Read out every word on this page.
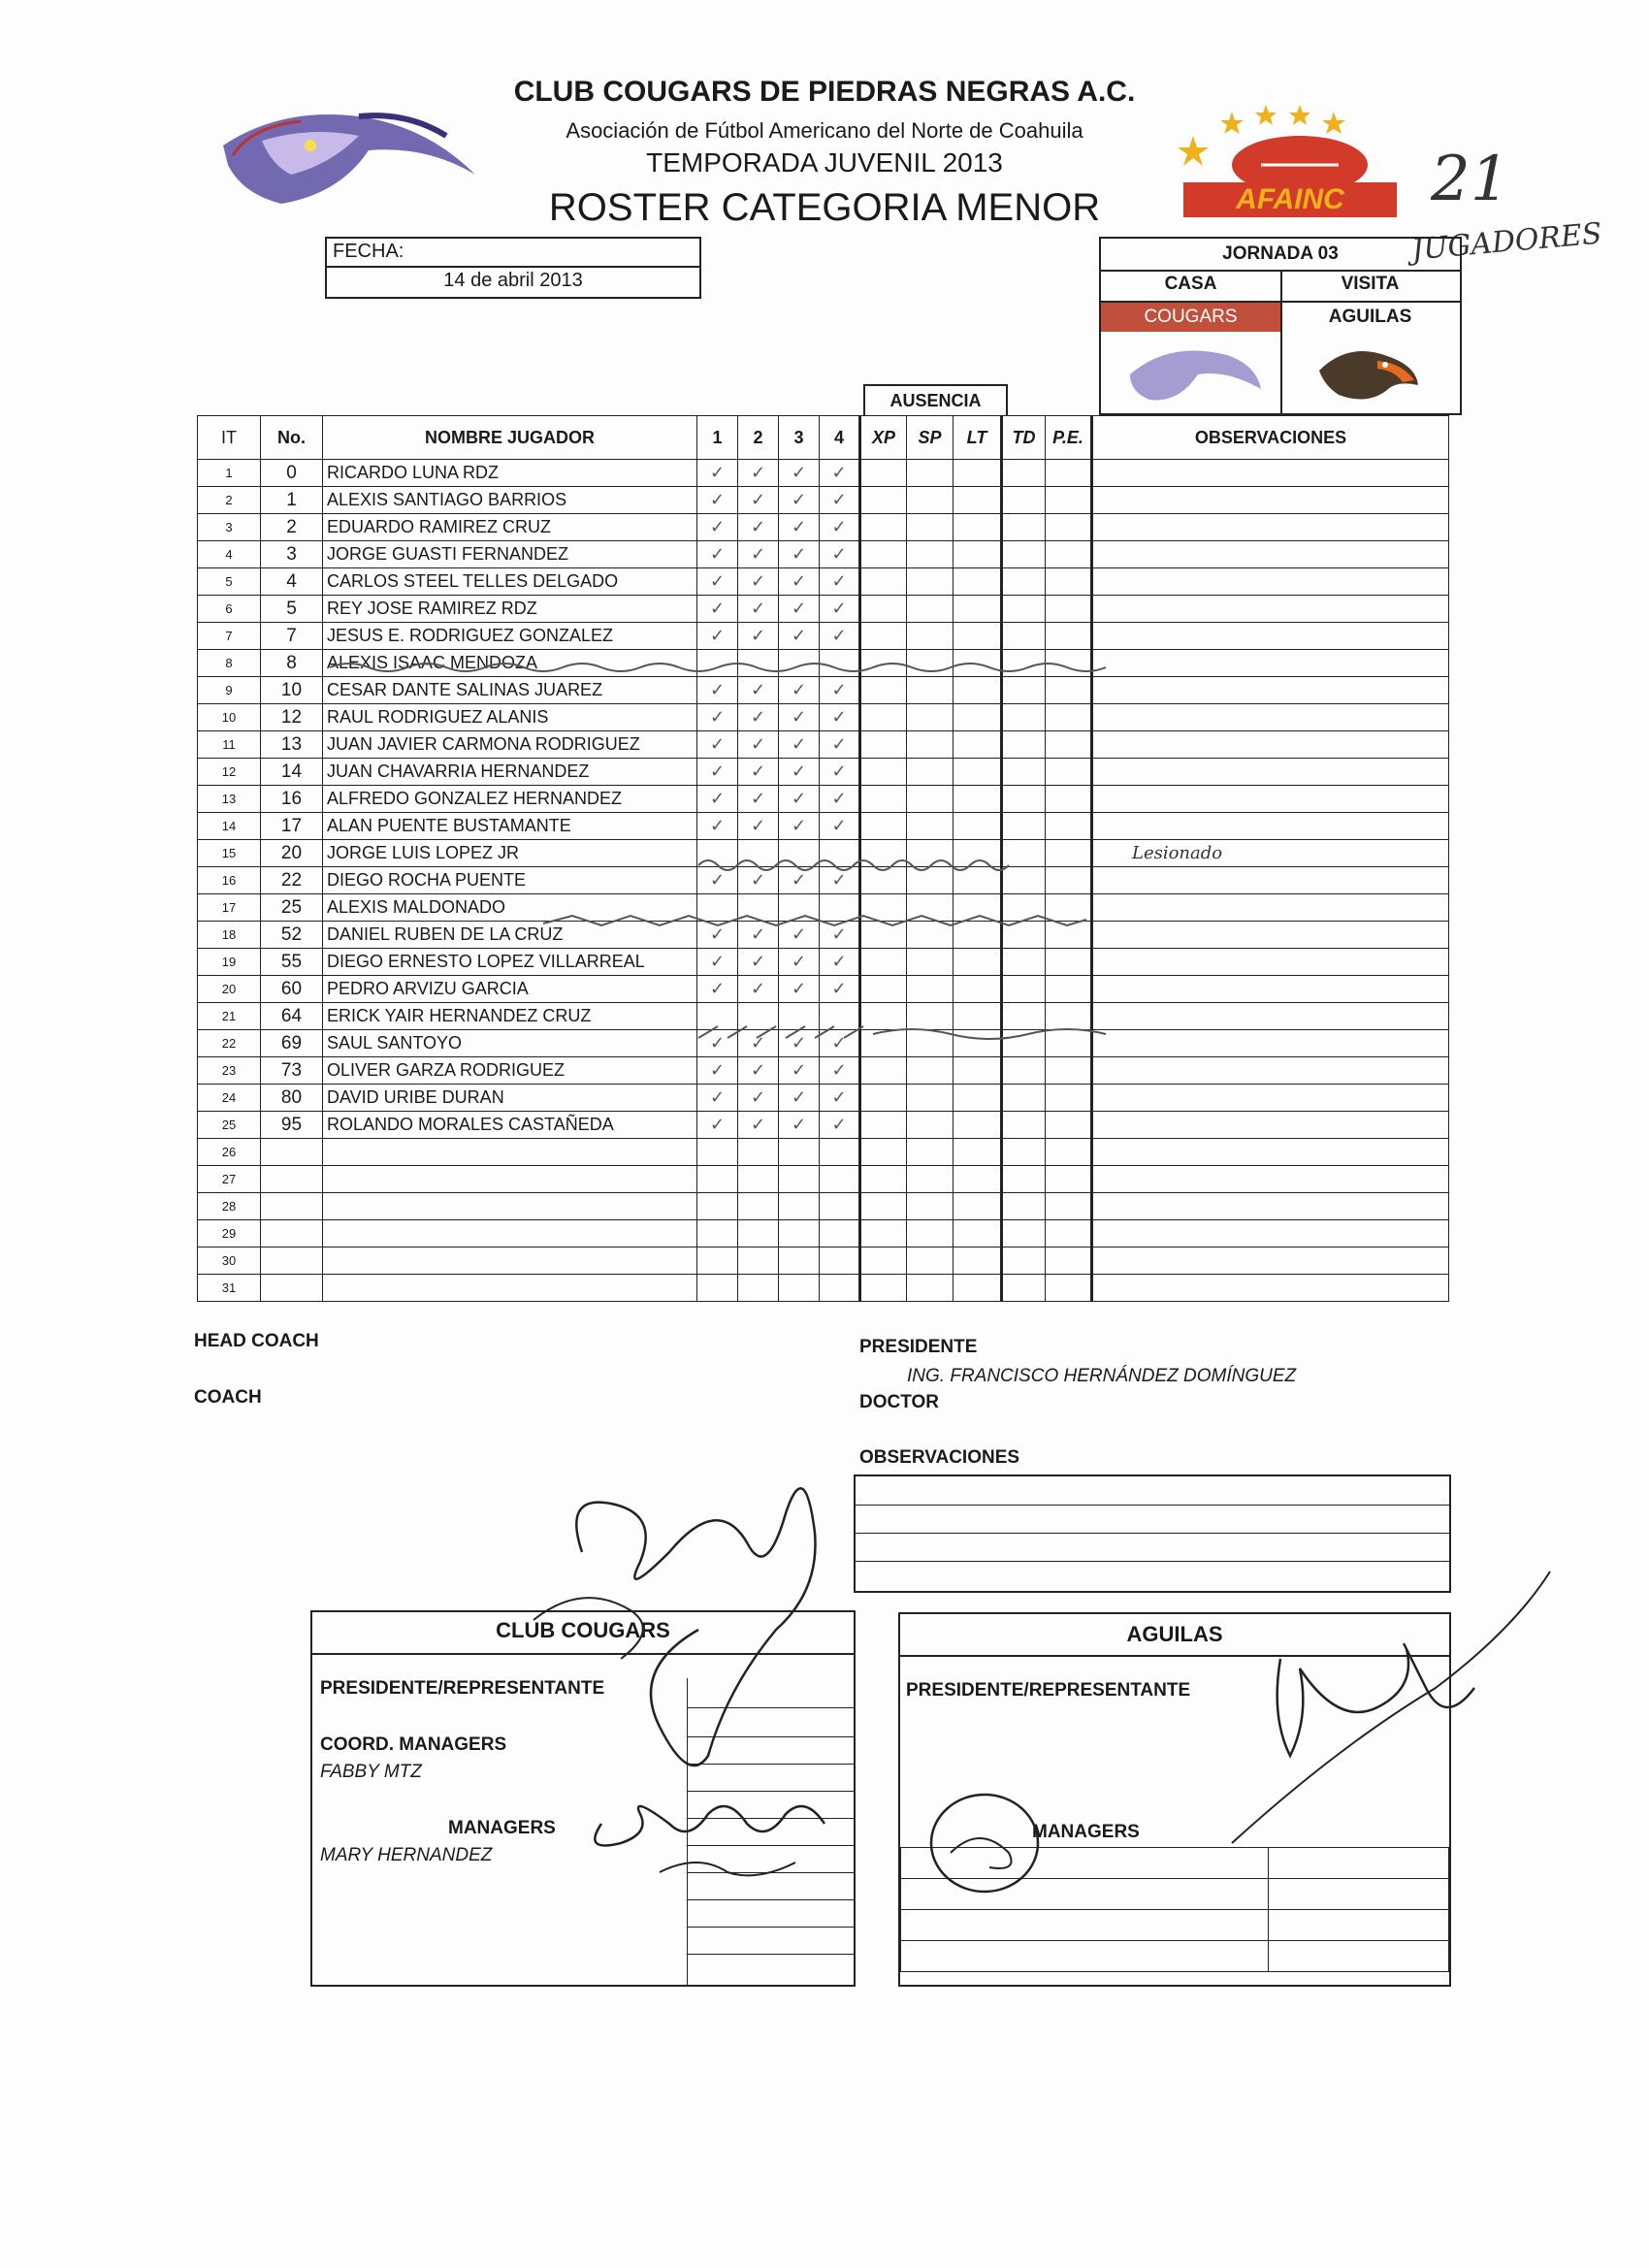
CLUB COUGARS DE PIEDRAS NEGRAS A.C.
Asociación de Fútbol Americano del Norte de Coahuila
TEMPORADA JUVENIL 2013
ROSTER CATEGORIA MENOR	AFAINC	21
JUGADORES
FECHA:
14 de abril 2013
JORNADA 03
CASA	VISITA
COUGARS	AGUILAS
AUSENCIA
IT	No.	NOMBRE JUGADOR	1	2	3	4	XP	SP	LT	TD	P.E.	OBSERVACIONES
1	0	RICARDO LUNA RDZ	✓	✓	✓	✓						
2	1	ALEXIS SANTIAGO BARRIOS	✓	✓	✓	✓						
3	2	EDUARDO RAMIREZ CRUZ	✓	✓	✓	✓						
4	3	JORGE GUASTI FERNANDEZ	✓	✓	✓	✓						
5	4	CARLOS STEEL TELLES DELGADO	✓	✓	✓	✓						
6	5	REY JOSE RAMIREZ RDZ	✓	✓	✓	✓						
7	7	JESUS E. RODRIGUEZ GONZALEZ	✓	✓	✓	✓						
8	8	ALEXIS ISAAC MENDOZA										
9	10	CESAR DANTE SALINAS JUAREZ	✓	✓	✓	✓						
10	12	RAUL RODRIGUEZ ALANIS	✓	✓	✓	✓						
11	13	JUAN JAVIER CARMONA RODRIGUEZ	✓	✓	✓	✓						
12	14	JUAN CHAVARRIA HERNANDEZ	✓	✓	✓	✓						
13	16	ALFREDO GONZALEZ HERNANDEZ	✓	✓	✓	✓						
14	17	ALAN PUENTE BUSTAMANTE	✓	✓	✓	✓						
15	20	JORGE LUIS LOPEZ JR										Lesionado
16	22	DIEGO ROCHA PUENTE	✓	✓	✓	✓						
17	25	ALEXIS MALDONADO										
18	52	DANIEL RUBEN DE LA CRUZ	✓	✓	✓	✓						
19	55	DIEGO ERNESTO LOPEZ VILLARREAL	✓	✓	✓	✓						
20	60	PEDRO ARVIZU GARCIA	✓	✓	✓	✓						
21	64	ERICK YAIR HERNANDEZ CRUZ										
22	69	SAUL SANTOYO	✓	✓	✓	✓						
23	73	OLIVER GARZA RODRIGUEZ	✓	✓	✓	✓						
24	80	DAVID URIBE DURAN	✓	✓	✓	✓						
25	95	ROLANDO MORALES CASTAÑEDA	✓	✓	✓	✓						
26												
27												
28												
29												
30												
31												
HEAD COACH
COACH
PRESIDENTE
ING. FRANCISCO HERNÁNDEZ DOMÍNGUEZ
DOCTOR
OBSERVACIONES
CLUB COUGARS
PRESIDENTE/REPRESENTANTE
COORD. MANAGERS
FABBY MTZ
MANAGERS
MARY HERNANDEZ
AGUILAS
PRESIDENTE/REPRESENTANTE
MANAGERS
